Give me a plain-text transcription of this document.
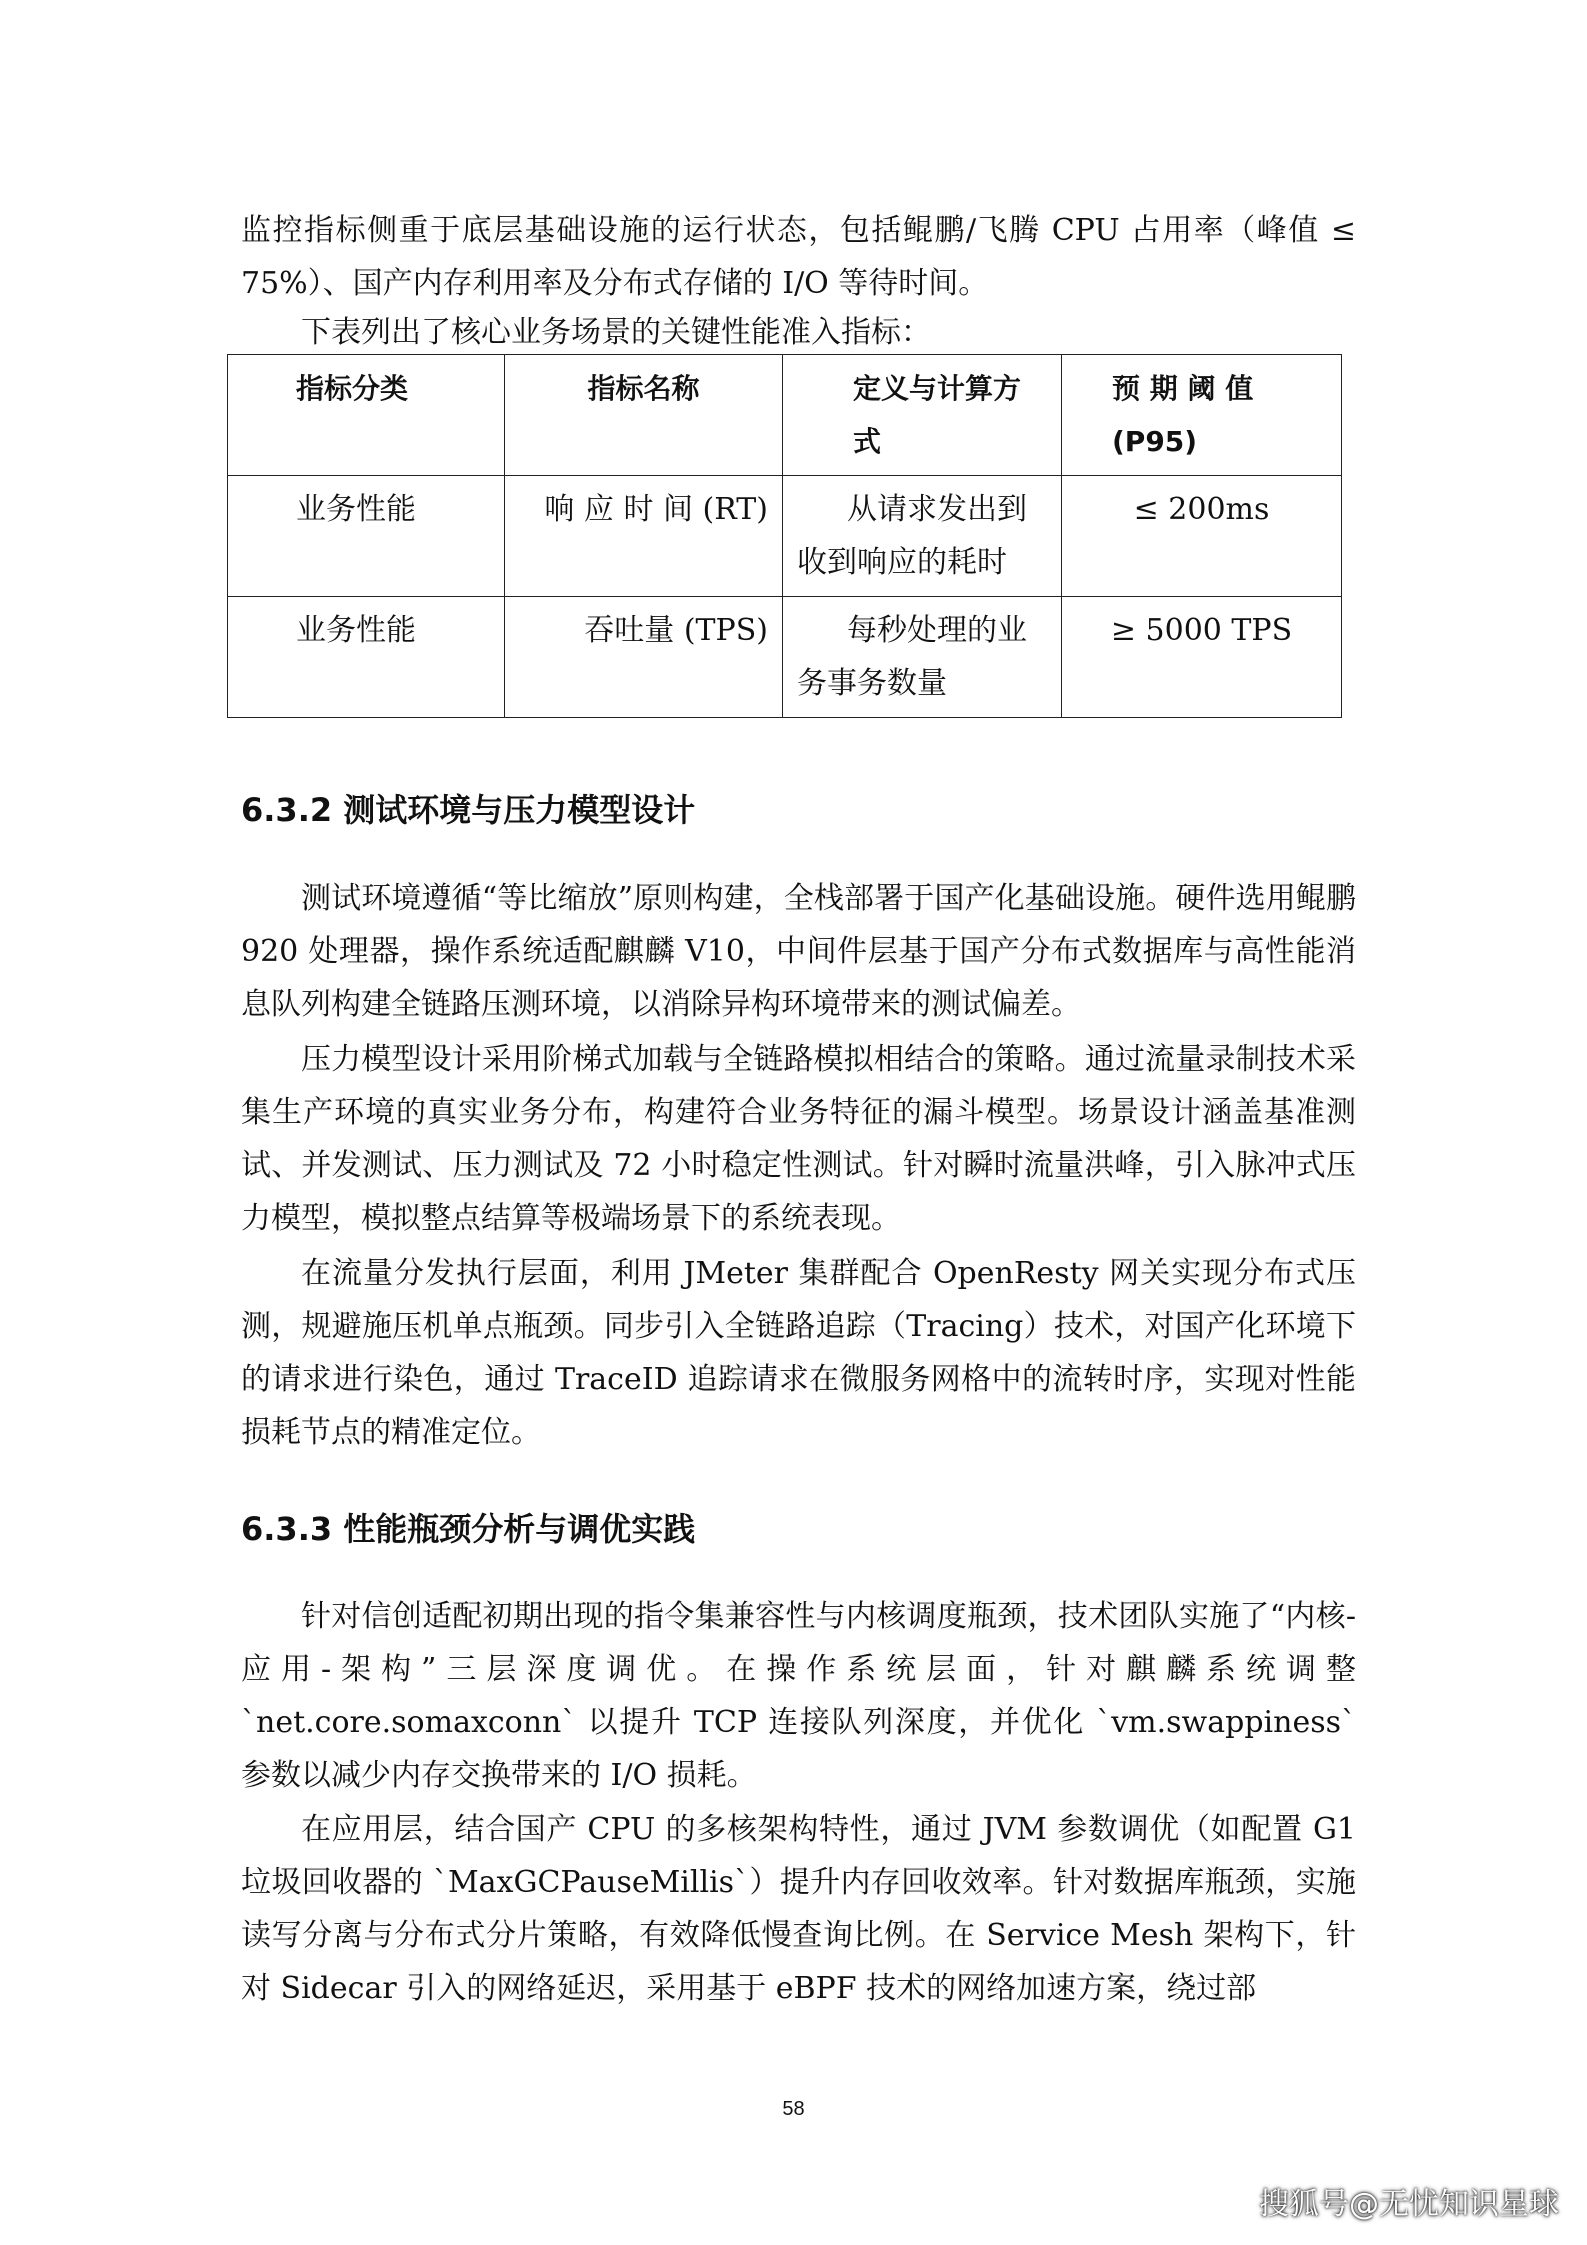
监控指标侧重于底层基础设施的运行状态，包括鲲鹏/飞腾 CPU 占用率（峰值 ≤ 75%）、国产内存利用率及分布式存储的 I/O 等待时间。

下表列出了核心业务场景的关键性能准入指标：

指标分类	指标名称	定义与计算方式	预 期 阈 值 (P95)
业务性能	响 应 时 间 (RT)	从请求发出到收到响应的耗时	≤ 200ms
业务性能	吞吐量 (TPS)	每秒处理的业务事务数量	≥ 5000 TPS
6.3.2 测试环境与压力模型设计

测试环境遵循“等比缩放”原则构建，全栈部署于国产化基础设施。硬件选用鲲鹏 920 处理器，操作系统适配麒麟 V10，中间件层基于国产分布式数据库与高性能消息队列构建全链路压测环境，以消除异构环境带来的测试偏差。

压力模型设计采用阶梯式加载与全链路模拟相结合的策略。通过流量录制技术采集生产环境的真实业务分布，构建符合业务特征的漏斗模型。场景设计涵盖基准测试、并发测试、压力测试及 72 小时稳定性测试。针对瞬时流量洪峰，引入脉冲式压力模型，模拟整点结算等极端场景下的系统表现。

在流量分发执行层面，利用 JMeter 集群配合 OpenResty 网关实现分布式压测，规避施压机单点瓶颈。同步引入全链路追踪（Tracing）技术，对国产化环境下的请求进行染色，通过 TraceID 追踪请求在微服务网格中的流转时序，实现对性能损耗节点的精准定位。

6.3.3 性能瓶颈分析与调优实践

针对信创适配初期出现的指令集兼容性与内核调度瓶颈，技术团队实施了“内核-应用-架构”三层深度调优。在操作系统层面，针对麒麟系统调整 `net.core.somaxconn` 以提升 TCP 连接队列深度，并优化 `vm.swappiness` 参数以减少内存交换带来的 I/O 损耗。

在应用层，结合国产 CPU 的多核架构特性，通过 JVM 参数调优（如配置 G1 垃圾回收器的 `MaxGCPauseMillis`）提升内存回收效率。针对数据库瓶颈，实施读写分离与分布式分片策略，有效降低慢查询比例。在 Service Mesh 架构下，针对 Sidecar 引入的网络延迟，采用基于 eBPF 技术的网络加速方案，绕过部

58
搜狐号@无忧知识星球
